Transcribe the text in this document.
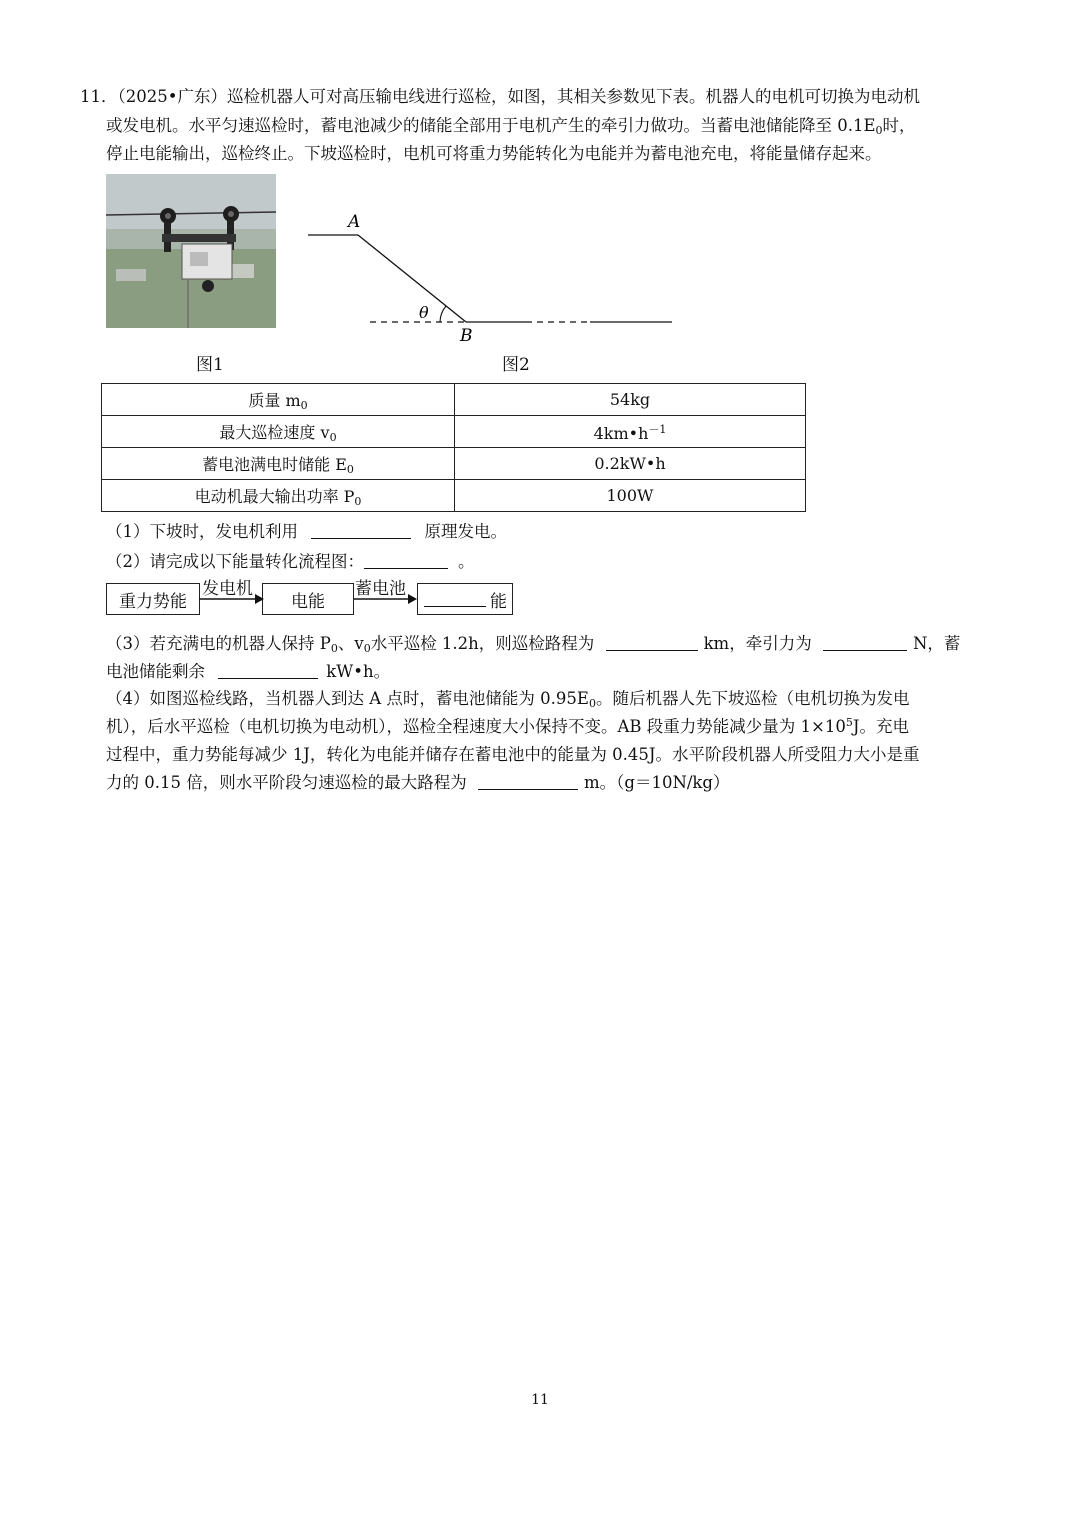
11．（2025•广东）巡检机器人可对高压输电线进行巡检，如图，其相关参数见下表。机器人的电机可切换为电动机
或发电机。水平匀速巡检时，蓄电池减少的储能全部用于电机产生的牵引力做功。当蓄电池储能降至 $0.1E_0$时，
停止电能输出，巡检终止。下坡巡检时，电机可将重力势能转化为电能并为蓄电池充电，将能量储存起来。
图1
A
B
θ
图2
质量 $m_0$	54kg
最大巡检速度 $v_0$	$4km•h^{-1}$
蓄电池满电时储能 $E_0$	0.2kW•h
电动机最大输出功率 $P_0$	100W
（1）下坡时，发电机利用	原理发电。
（2）请完成以下能量转化流程图：	。
重力势能
发电机
电能
蓄电池
能
（3）若充满电的机器人保持 $P_0$、$v_0$水平巡检 1.2h，则巡检路程为	km，牵引力为	N，蓄
电池储能剩余	kW•h。
（4）如图巡检线路，当机器人到达 A 点时，蓄电池储能为 $0.95E_0$。随后机器人先下坡巡检（电机切换为发电
机），后水平巡检（电机切换为电动机），巡检全程速度大小保持不变。AB 段重力势能减少量为 $1\times 10^5J$。充电
过程中，重力势能每减少 1J，转化为电能并储存在蓄电池中的能量为 0.45J。水平阶段机器人所受阻力大小是重
力的 0.15 倍，则水平阶段匀速巡检的最大路程为	m。（g＝10N/kg）
11
